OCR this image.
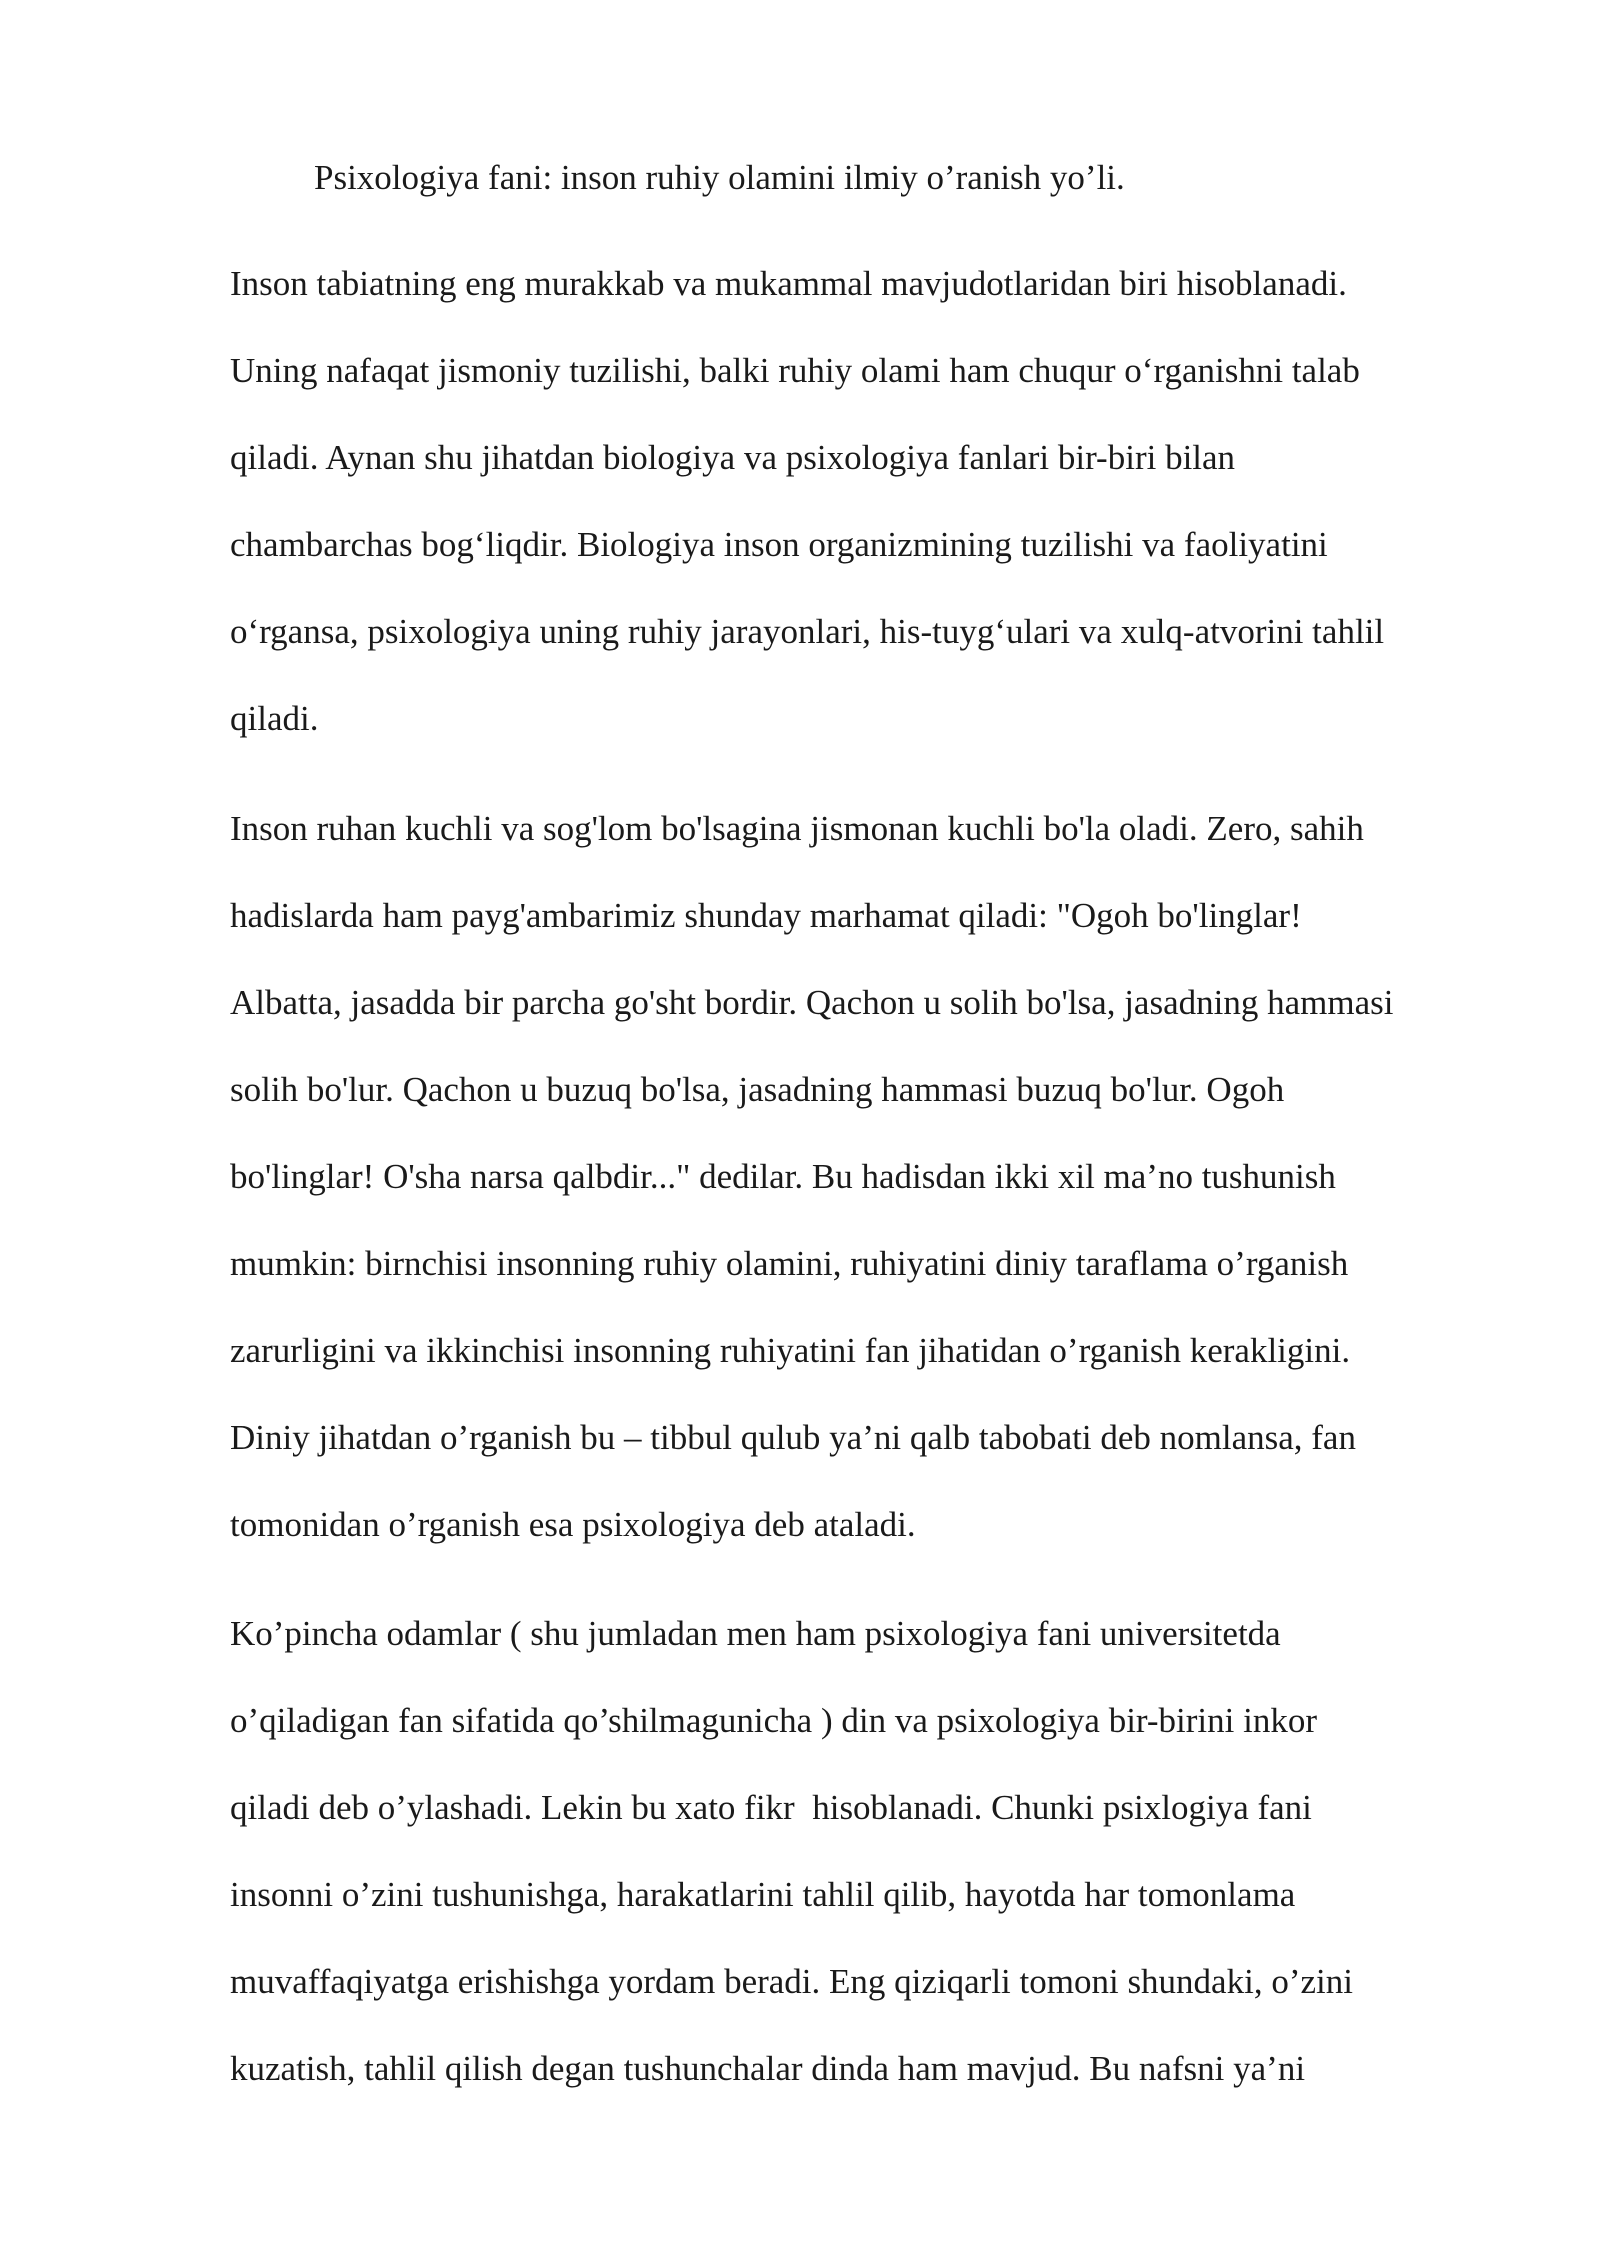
Psixologiya fani: inson ruhiy olamini ilmiy o’ranish yo’li.
Inson tabiatning eng murakkab va mukammal mavjudotlaridan biri hisoblanadi.
Uning nafaqat jismoniy tuzilishi, balki ruhiy olami ham chuqur o‘rganishni talab
qiladi. Aynan shu jihatdan biologiya va psixologiya fanlari bir-biri bilan
chambarchas bog‘liqdir. Biologiya inson organizmining tuzilishi va faoliyatini
o‘rgansa, psixologiya uning ruhiy jarayonlari, his-tuyg‘ulari va xulq-atvorini tahlil
qiladi.
Inson ruhan kuchli va sog'lom bo'lsagina jismonan kuchli bo'la oladi. Zero, sahih
hadislarda ham payg'ambarimiz shunday marhamat qiladi: "Ogoh bo'linglar!
Albatta, jasadda bir parcha go'sht bordir. Qachon u solih bo'lsa, jasadning hammasi
solih bo'lur. Qachon u buzuq bo'lsa, jasadning hammasi buzuq bo'lur. Ogoh
bo'linglar! O'sha narsa qalbdir..." dedilar. Bu hadisdan ikki xil ma’no tushunish
mumkin: birnchisi insonning ruhiy olamini, ruhiyatini diniy taraflama o’rganish
zarurligini va ikkinchisi insonning ruhiyatini fan jihatidan o’rganish kerakligini.
Diniy jihatdan o’rganish bu – tibbul qulub ya’ni qalb tabobati deb nomlansa, fan
tomonidan o’rganish esa psixologiya deb ataladi.
Ko’pincha odamlar ( shu jumladan men ham psixologiya fani universitetda
o’qiladigan fan sifatida qo’shilmagunicha ) din va psixologiya bir-birini inkor
qiladi deb o’ylashadi. Lekin bu xato fikr  hisoblanadi. Chunki psixlogiya fani
insonni o’zini tushunishga, harakatlarini tahlil qilib, hayotda har tomonlama
muvaffaqiyatga erishishga yordam beradi. Eng qiziqarli tomoni shundaki, o’zini
kuzatish, tahlil qilish degan tushunchalar dinda ham mavjud. Bu nafsni ya’ni
